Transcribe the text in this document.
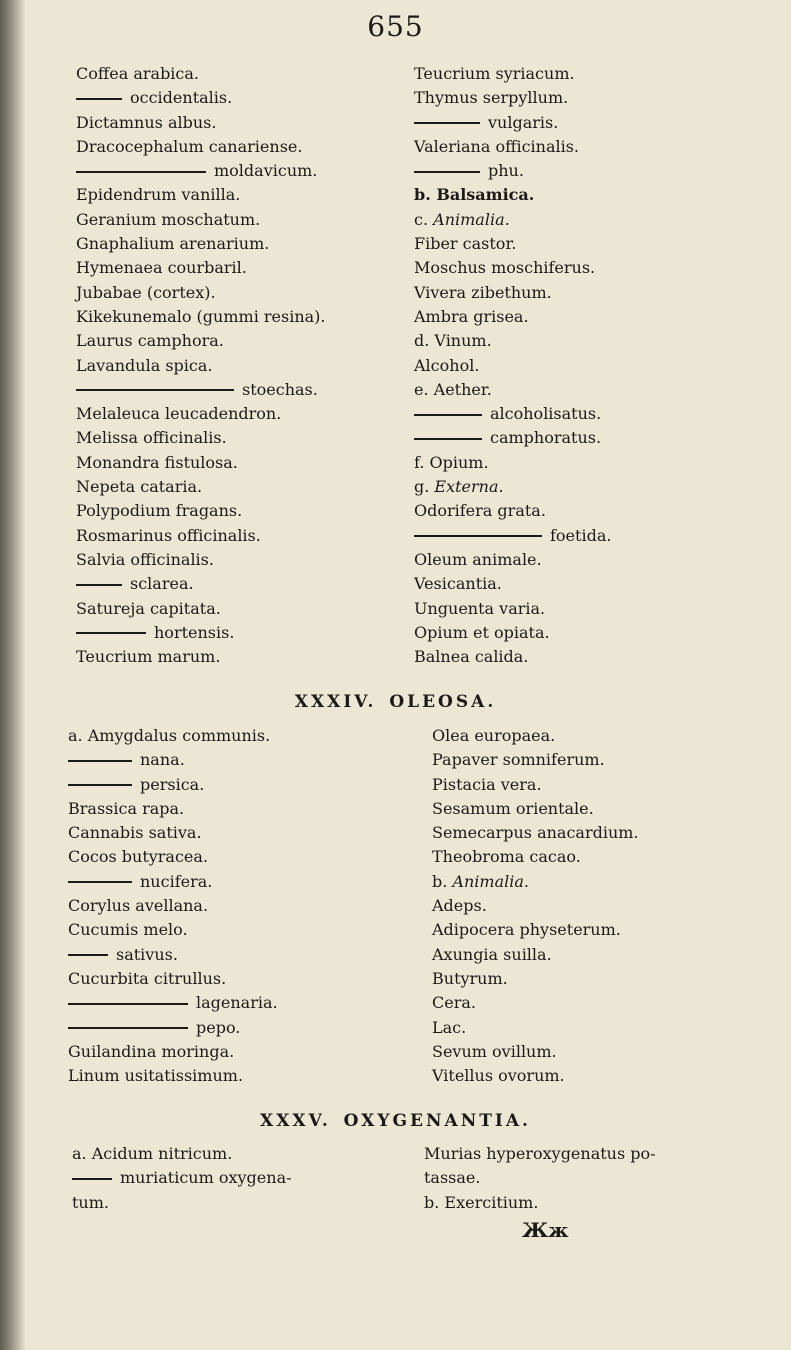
655
Coffea arabica.
occidentalis.
Dictamnus albus.
Dracocephalum canariense.
moldavicum.
Epidendrum vanilla.
Geranium moschatum.
Gnaphalium arenarium.
Hymenaea courbaril.
Jubabae (cortex).
Kikekunemalo (gummi resina).
Laurus camphora.
Lavandula spica.
stoechas.
Melaleuca leucadendron.
Melissa officinalis.
Monandra fistulosa.
Nepeta cataria.
Polypodium fragans.
Rosmarinus officinalis.
Salvia officinalis.
sclarea.
Satureja capitata.
hortensis.
Teucrium marum.
Teucrium syriacum.
Thymus serpyllum.
vulgaris.
Valeriana officinalis.
phu.
b. Balsamica.
c. Animalia.
Fiber castor.
Moschus moschiferus.
Vivera zibethum.
Ambra grisea.
d. Vinum.
Alcohol.
e. Aether.
alcoholisatus.
camphoratus.
f. Opium.
g. Externa.
Odorifera grata.
foetida.
Oleum animale.
Vesicantia.
Unguenta varia.
Opium et opiata.
Balnea calida.
XXXIV. OLEOSA.
a. Amygdalus communis.
nana.
persica.
Brassica rapa.
Cannabis sativa.
Cocos butyracea.
nucifera.
Corylus avellana.
Cucumis melo.
sativus.
Cucurbita citrullus.
lagenaria.
pepo.
Guilandina moringa.
Linum usitatissimum.
Olea europaea.
Papaver somniferum.
Pistacia vera.
Sesamum orientale.
Semecarpus anacardium.
Theobroma cacao.
b. Animalia.
Adeps.
Adipocera physeterum.
Axungia suilla.
Butyrum.
Cera.
Lac.
Sevum ovillum.
Vitellus ovorum.
XXXV. OXYGENANTIA.
a. Acidum nitricum.
muriaticum oxygena-
tum.
Murias hyperoxygenatus po-
tassae.
b. Exercitium.
Жж
